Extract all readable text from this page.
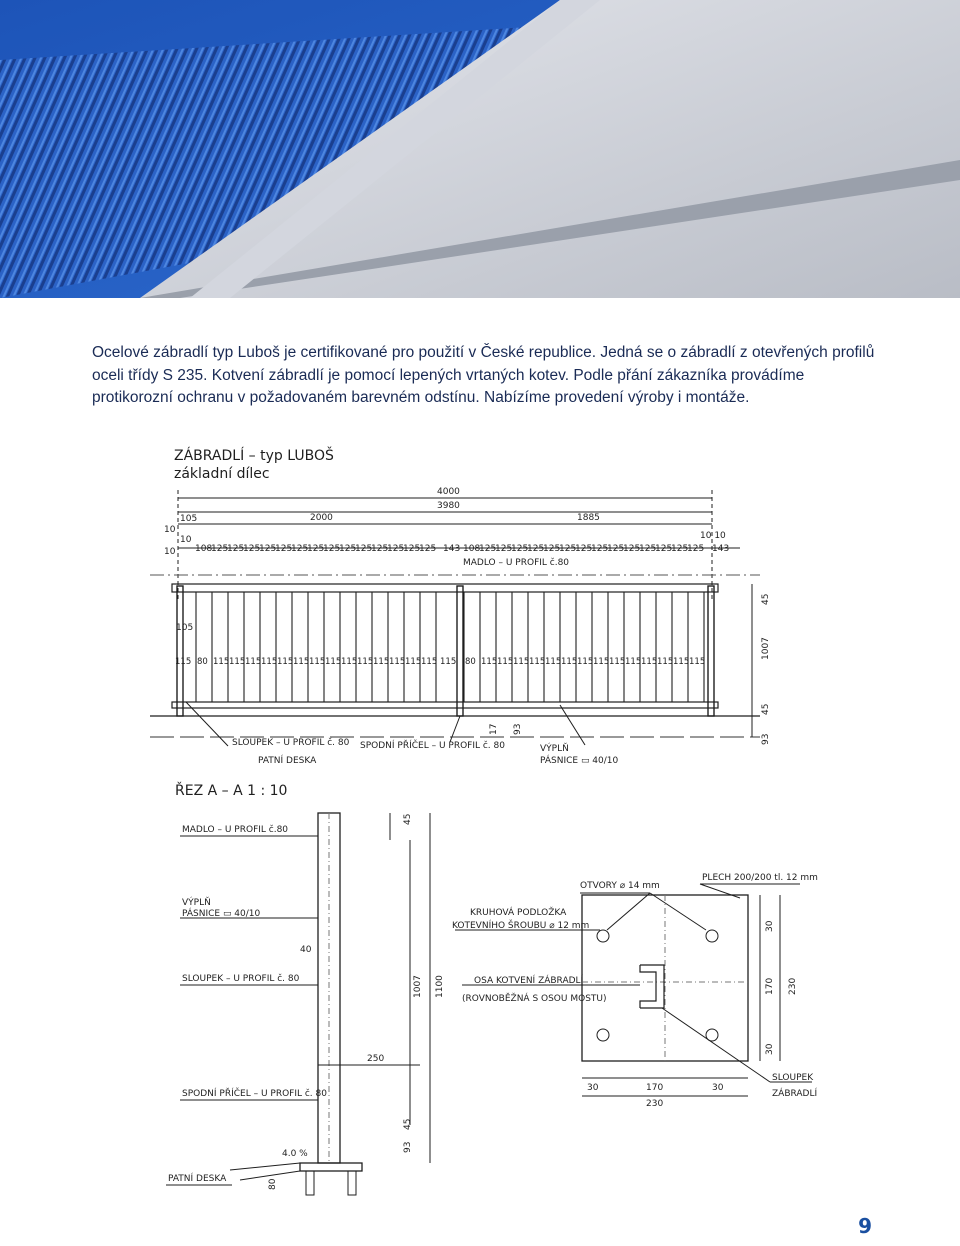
Ocelové zábradlí typ Luboš je certifikované pro použití v České republice. Jedná se o zábradlí z otevřených profilů oceli třídy S 235. Kotvení zábradlí je pomocí lepených vrtaných kotev. Podle přání zákazníka provádíme protikorozní ochranu v požadovaném barevném odstínu. Nabízíme provedení výroby i montáže.

ZÁBRADLÍ – typ LUBOŠ
základní dílec
4000
3980
2000	1885
105
10
10
10
10 10
108
125
125
125
125
125
125
125
125
125
125
125
125
125
125 143 108
125
125
125
125
125
125
125
125
125
125
125
125
125
125 143
MADLO – U PROFIL č.80
105
115 80 115 115 115 115 115 115 115 115 115 115 115 115 115 115 115 80 115 115 115 115 115 115 115 115 115 115 115 115 115 115
45
1007
45
93
17 93
SLOUPEK – U PROFIL č. 80
PATNÍ DESKA
SPODNÍ PŘÍČEL – U PROFIL č. 80	VÝPLŇ
PÁSNICE ▭ 40/10
ŘEZ A – A 1 : 10
MADLO – U PROFIL č.80
45
VÝPLŇ
PÁSNICE ▭ 40/10
40
SLOUPEK – U PROFIL č. 80	1007 1100
250
SPODNÍ PŘÍČEL – U PROFIL č. 80
45
93
4.0 %
PATNÍ DESKA	80
OTVORY ⌀ 14 mm
PLECH 200/200 tl. 12 mm
KRUHOVÁ PODLOŽKA
KOTEVNÍHO ŠROUBU ⌀ 12 mm
OSA KOTVENÍ ZÁBRADLÍ
(ROVNOBĚŽNÁ S OSOU MOSTU)
30	170	30
230
30
170
30
230
SLOUPEK
ZÁBRADLÍ
9
